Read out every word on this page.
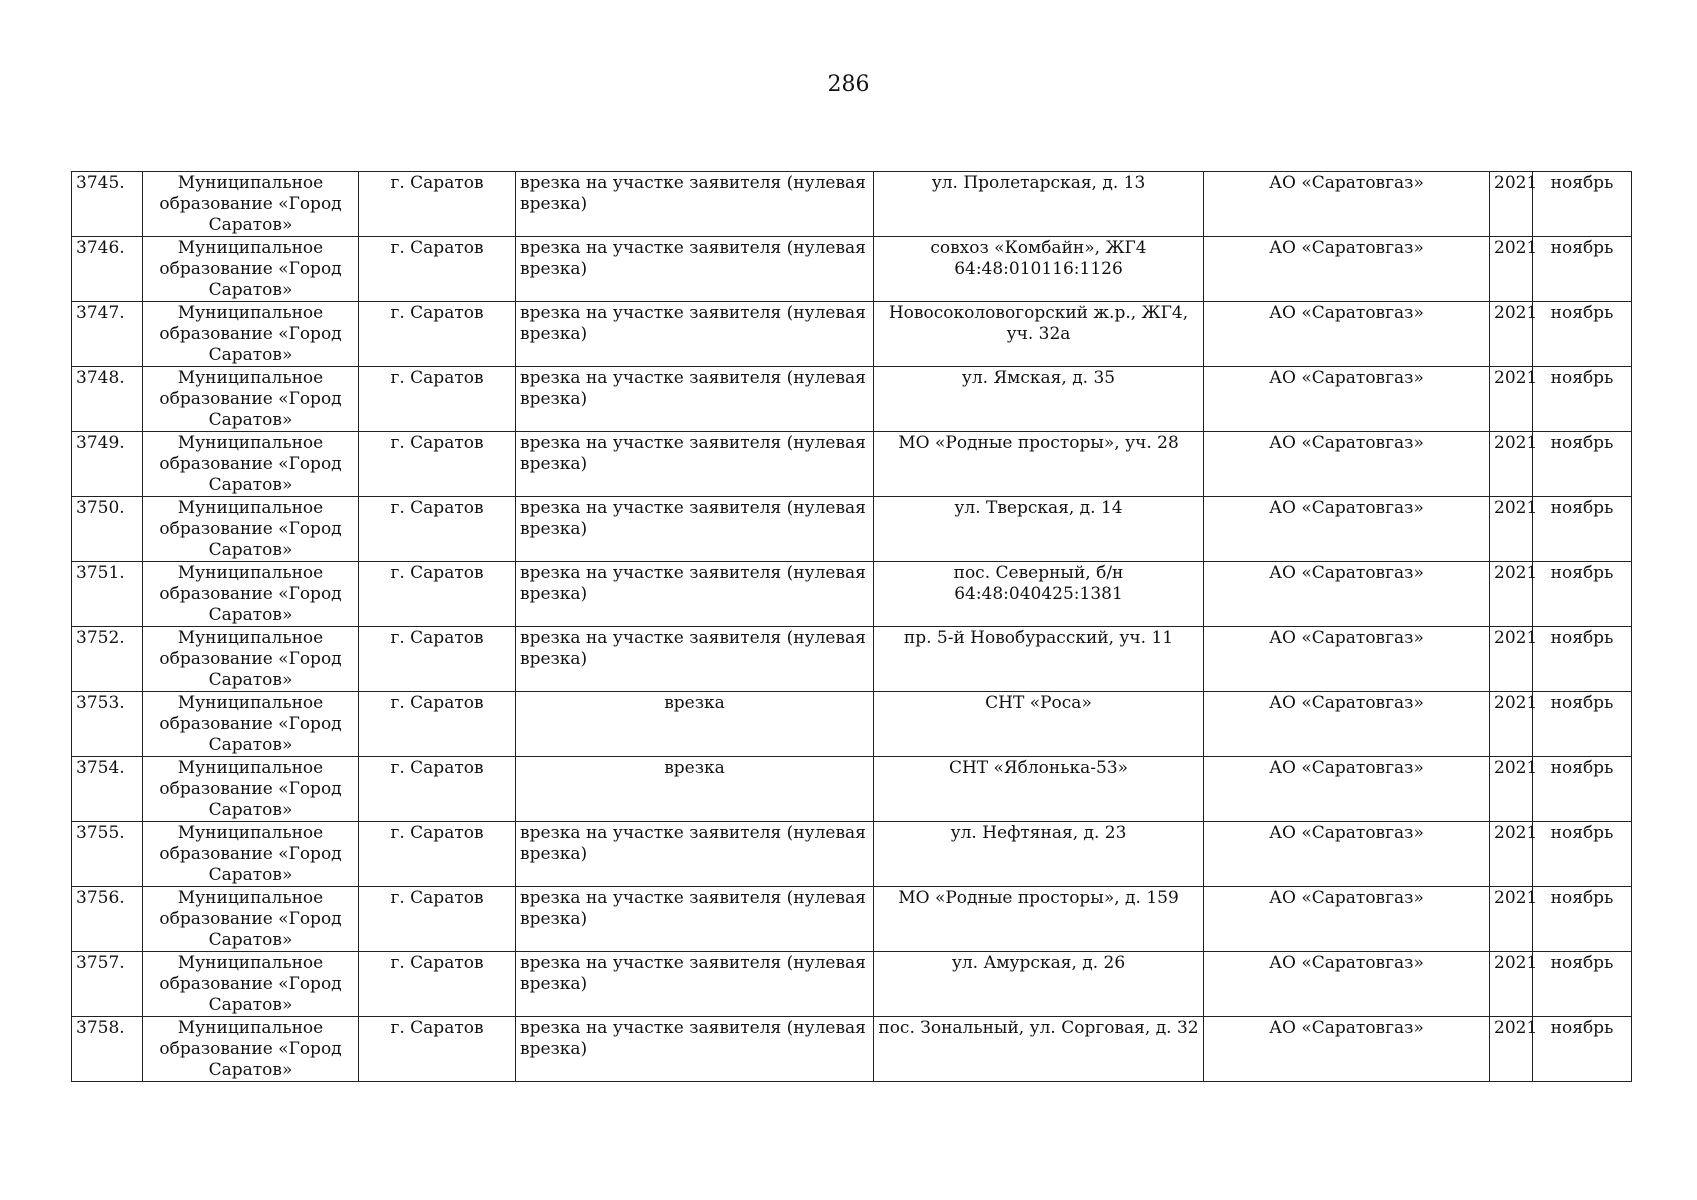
286
3745.	Муниципальное образование «Город Саратов»	г. Саратов	врезка на участке заявителя (нулевая врезка)	ул. Пролетарская, д. 13	АО «Саратовгаз»	2021	ноябрь
3746.	Муниципальное образование «Город Саратов»	г. Саратов	врезка на участке заявителя (нулевая врезка)	совхоз «Комбайн», ЖГ4 64:48:010116:1126	АО «Саратовгаз»	2021	ноябрь
3747.	Муниципальное образование «Город Саратов»	г. Саратов	врезка на участке заявителя (нулевая врезка)	Новосоколовогорский ж.р., ЖГ4, уч. 32а	АО «Саратовгаз»	2021	ноябрь
3748.	Муниципальное образование «Город Саратов»	г. Саратов	врезка на участке заявителя (нулевая врезка)	ул. Ямская, д. 35	АО «Саратовгаз»	2021	ноябрь
3749.	Муниципальное образование «Город Саратов»	г. Саратов	врезка на участке заявителя (нулевая врезка)	МО «Родные просторы», уч. 28	АО «Саратовгаз»	2021	ноябрь
3750.	Муниципальное образование «Город Саратов»	г. Саратов	врезка на участке заявителя (нулевая врезка)	ул. Тверская, д. 14	АО «Саратовгаз»	2021	ноябрь
3751.	Муниципальное образование «Город Саратов»	г. Саратов	врезка на участке заявителя (нулевая врезка)	пос. Северный, б/н 64:48:040425:1381	АО «Саратовгаз»	2021	ноябрь
3752.	Муниципальное образование «Город Саратов»	г. Саратов	врезка на участке заявителя (нулевая врезка)	пр. 5-й Новобурасский, уч. 11	АО «Саратовгаз»	2021	ноябрь
3753.	Муниципальное образование «Город Саратов»	г. Саратов	врезка	СНТ «Роса»	АО «Саратовгаз»	2021	ноябрь
3754.	Муниципальное образование «Город Саратов»	г. Саратов	врезка	СНТ «Яблонька-53»	АО «Саратовгаз»	2021	ноябрь
3755.	Муниципальное образование «Город Саратов»	г. Саратов	врезка на участке заявителя (нулевая врезка)	ул. Нефтяная, д. 23	АО «Саратовгаз»	2021	ноябрь
3756.	Муниципальное образование «Город Саратов»	г. Саратов	врезка на участке заявителя (нулевая врезка)	МО «Родные просторы», д. 159	АО «Саратовгаз»	2021	ноябрь
3757.	Муниципальное образование «Город Саратов»	г. Саратов	врезка на участке заявителя (нулевая врезка)	ул. Амурская, д. 26	АО «Саратовгаз»	2021	ноябрь
3758.	Муниципальное образование «Город Саратов»	г. Саратов	врезка на участке заявителя (нулевая врезка)	пос. Зональный, ул. Сорговая, д. 32	АО «Саратовгаз»	2021	ноябрь
